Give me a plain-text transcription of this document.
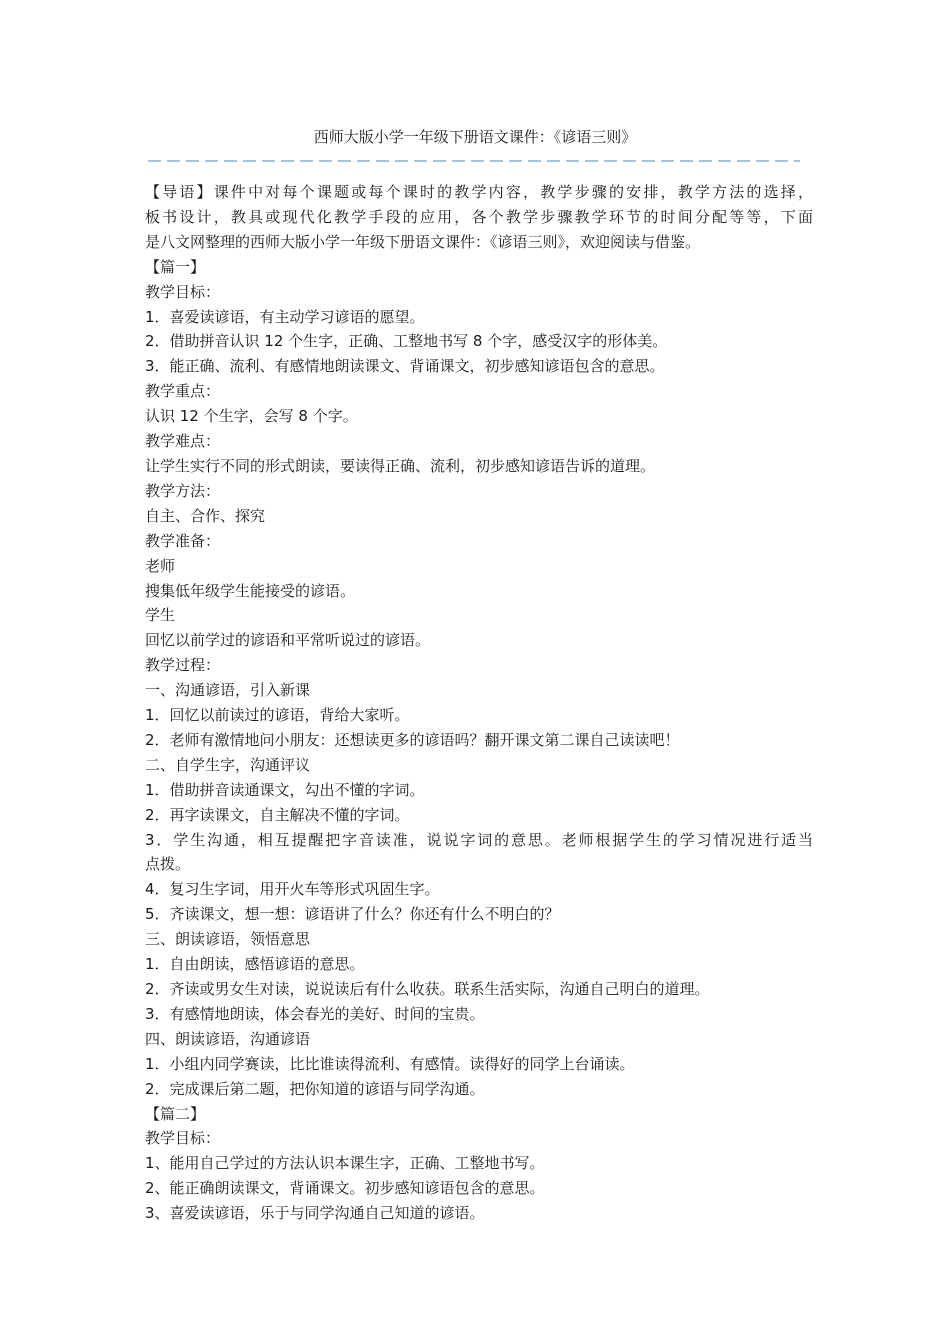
西师大版小学一年级下册语文课件：《谚语三则》

【导语】课件中对每个课题或每个课时的教学内容，教学步骤的安排，教学方法的选择，

板书设计，教具或现代化教学手段的应用，各个教学步骤教学环节的时间分配等等，下面

是八文网整理的西师大版小学一年级下册语文课件：《谚语三则》，欢迎阅读与借鉴。

【篇一】

教学目标：

1．喜爱读谚语，有主动学习谚语的愿望。

2．借助拼音认识 12 个生字，正确、工整地书写 8 个字，感受汉字的形体美。

3．能正确、流利、有感情地朗读课文、背诵课文，初步感知谚语包含的意思。

教学重点：

认识 12 个生字，会写 8 个字。

教学难点：

让学生实行不同的形式朗读，要读得正确、流利，初步感知谚语告诉的道理。

教学方法：

自主、合作、探究

教学准备：

老师

搜集低年级学生能接受的谚语。

学生

回忆以前学过的谚语和平常听说过的谚语。

教学过程：

一、沟通谚语，引入新课

1．回忆以前读过的谚语，背给大家听。

2．老师有激情地问小朋友：还想读更多的谚语吗？翻开课文第二课自己读读吧！

二、自学生字，沟通评议

1．借助拼音读通课文，勾出不懂的字词。

2．再字读课文，自主解决不懂的字词。

3．学生沟通，相互提醒把字音读准，说说字词的意思。老师根据学生的学习情况进行适当

点拨。

4．复习生字词，用开火车等形式巩固生字。

5．齐读课文，想一想：谚语讲了什么？你还有什么不明白的？

三、朗读谚语，领悟意思

1．自由朗读，感悟谚语的意思。

2．齐读或男女生对读，说说读后有什么收获。联系生活实际，沟通自己明白的道理。

3．有感情地朗读，体会春光的美好、时间的宝贵。

四、朗读谚语，沟通谚语

1．小组内同学赛读，比比谁读得流利、有感情。读得好的同学上台诵读。

2．完成课后第二题，把你知道的谚语与同学沟通。

【篇二】

教学目标：

1、能用自己学过的方法认识本课生字，正确、工整地书写。

2、能正确朗读课文，背诵课文。初步感知谚语包含的意思。

3、喜爱读谚语，乐于与同学沟通自己知道的谚语。
